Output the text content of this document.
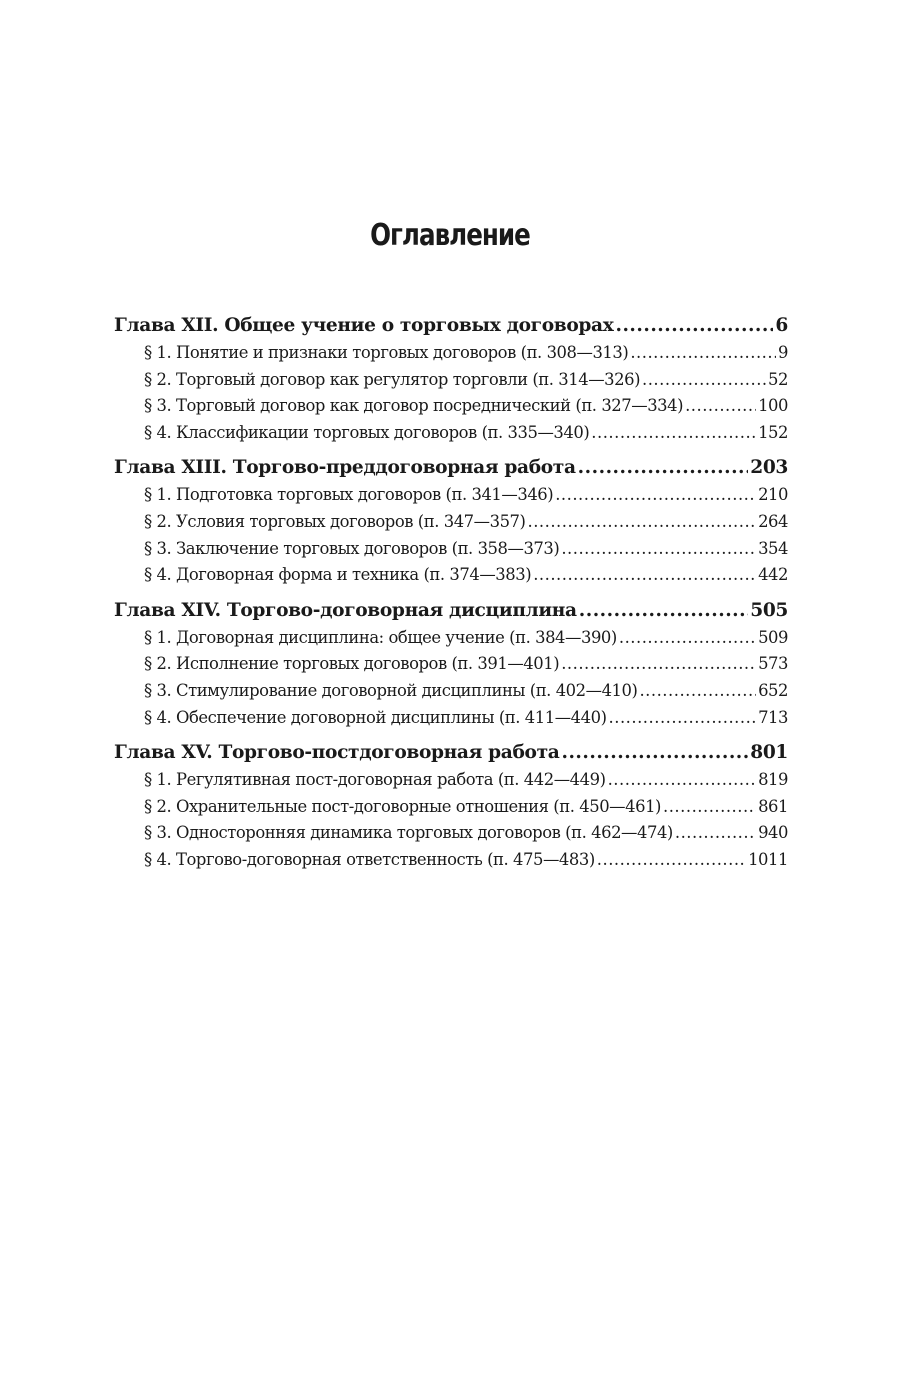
Оглавление
Глава XII. Общее учение о торговых договорах .....	6
§ 1. Понятие и признаки торговых договоров (п. 308—313) .....	9
§ 2. Торговый договор как регулятор торговли (п. 314—326) .....	52
§ 3. Торговый договор как договор посреднический (п. 327—334) .....	100
§ 4. Классификации торговых договоров (п. 335—340) .....	152
Глава XIII. Торгово-преддоговорная работа .....	203
§ 1. Подготовка торговых договоров (п. 341—346) .....	210
§ 2. Условия торговых договоров (п. 347—357) .....	264
§ 3. Заключение торговых договоров (п. 358—373) .....	354
§ 4. Договорная форма и техника (п. 374—383) .....	442
Глава XIV. Торгово-договорная дисциплина .....	505
§ 1. Договорная дисциплина: общее учение (п. 384—390) .....	509
§ 2. Исполнение торговых договоров (п. 391—401) .....	573
§ 3. Стимулирование договорной дисциплины (п. 402—410) .....	652
§ 4. Обеспечение договорной дисциплины (п. 411—440) .....	713
Глава XV. Торгово-постдоговорная работа .....	801
§ 1. Регулятивная пост-договорная работа (п. 442—449) .....	819
§ 2. Охранительные пост-договорные отношения (п. 450—461) .....	861
§ 3. Односторонняя динамика торговых договоров (п. 462—474) .....	940
§ 4. Торгово-договорная ответственность (п. 475—483) .....	1011
